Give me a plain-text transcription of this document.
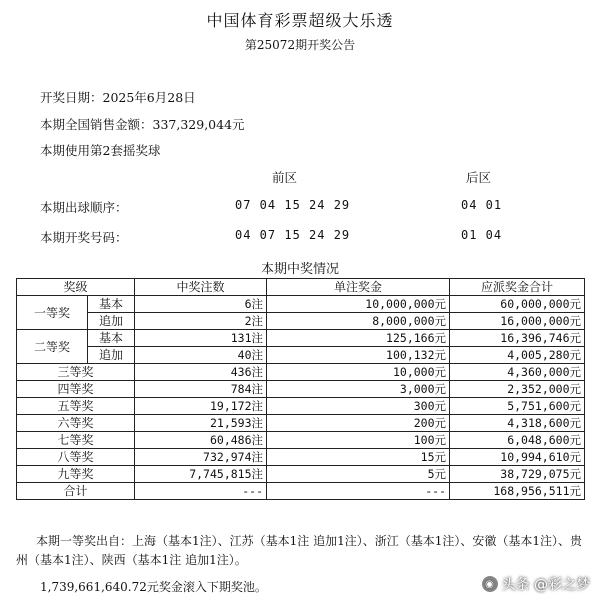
中国体育彩票超级大乐透
第25072期开奖公告
开奖日期：2025年6月28日
本期全国销售金额：337,329,044元
本期使用第2套摇奖球
前区	后区
本期出球顺序：	07 04 15 24 29	04 01
本期开奖号码：	04 07 15 24 29	01 04
本期中奖情况
奖级		中奖注数	单注奖金	应派奖金合计
一等奖	基本	6注	10,000,000元	60,000,000元
	追加	2注	8,000,000元	16,000,000元
二等奖	基本	131注	125,166元	16,396,746元
	追加	40注	100,132元	4,005,280元
三等奖		436注	10,000元	4,360,000元
四等奖		784注	3,000元	2,352,000元
五等奖		19,172注	300元	5,751,600元
六等奖		21,593注	200元	4,318,600元
七等奖		60,486注	100元	6,048,600元
八等奖		732,974注	15元	10,994,610元
九等奖		7,745,815注	5元	38,729,075元
合计		---	---	168,956,511元
本期一等奖出自：上海（基本1注）、江苏（基本1注 追加1注）、浙江（基本1注）、安徽（基本1注）、贵州（基本1注）、陕西（基本1注 追加1注）。
1,739,661,640.72元奖金滚入下期奖池。	◉ 头条 @彩之梦
